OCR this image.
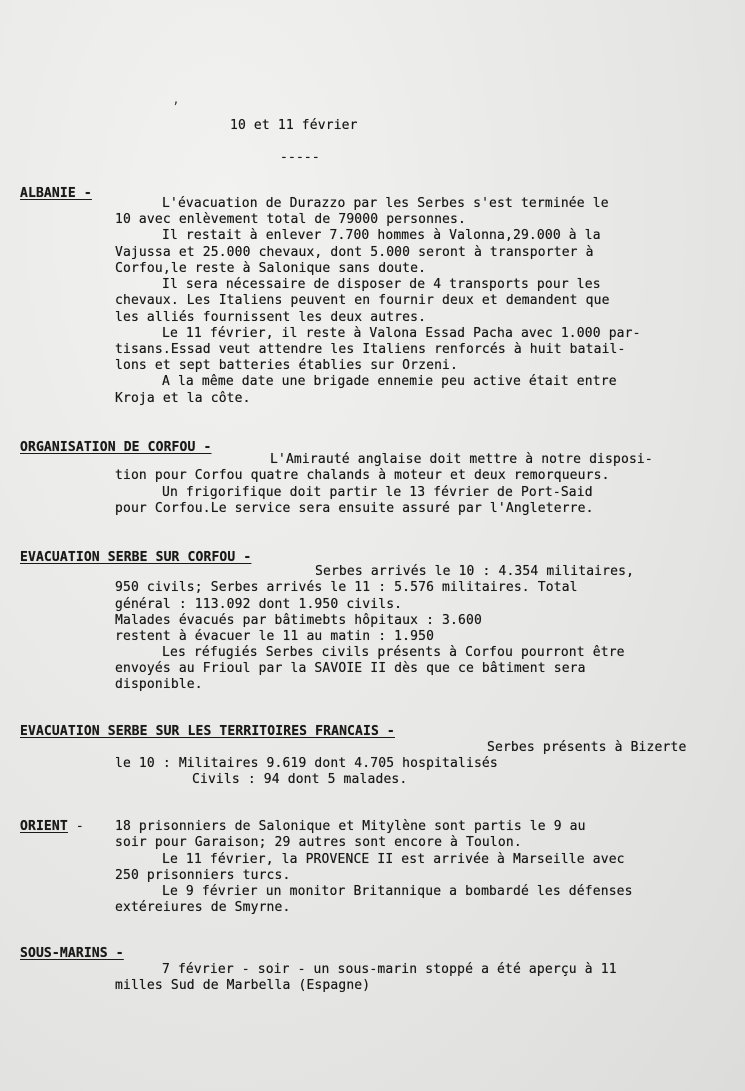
’
10 et 11 février
-----
ALBANIE -
L'évacuation de Durazzo par les Serbes s'est terminée le
10 avec enlèvement total de 79000 personnes.
Il restait à enlever 7.700 hommes à Valonna,29.000 à la
Vajussa et 25.000 chevaux, dont 5.000 seront à transporter à
Corfou,le reste à Salonique sans doute.
Il sera nécessaire de disposer de 4 transports pour les
chevaux. Les Italiens peuvent en fournir deux et demandent que
les alliés fournissent les deux autres.
Le 11 février, il reste à Valona Essad Pacha avec 1.000 par-
tisans.Essad veut attendre les Italiens renforcés à huit batail-
lons et sept batteries établies sur Orzeni.
A la même date une brigade ennemie peu active était entre
Kroja et la côte.
ORGANISATION DE CORFOU -
L'Amirauté anglaise doit mettre à notre disposi-
tion pour Corfou quatre chalands à moteur et deux remorqueurs.
Un frigorifique doit partir le 13 février de Port-Said
pour Corfou.Le service sera ensuite assuré par l'Angleterre.
EVACUATION SERBE SUR CORFOU -
Serbes arrivés le 10 : 4.354 militaires,
950 civils; Serbes arrivés le 11 : 5.576 militaires. Total
général : 113.092 dont 1.950 civils.
Malades évacués par bâtimebts hôpitaux : 3.600
restent à évacuer le 11 au matin : 1.950
Les réfugiés Serbes civils présents à Corfou pourront être
envoyés au Frioul par la SAVOIE II dès que ce bâtiment sera
disponible.
EVACUATION SERBE SUR LES TERRITOIRES FRANCAIS -
Serbes présents à Bizerte
le 10 : Militaires 9.619 dont 4.705 hospitalisés
Civils : 94 dont 5 malades.
ORIENT - 18 prisonniers de Salonique et Mitylène sont partis le 9 au
soir pour Garaison; 29 autres sont encore à Toulon.
Le 11 février, la PROVENCE II est arrivée à Marseille avec
250 prisonniers turcs.
Le 9 février un monitor Britannique a bombardé les défenses
extéreiures de Smyrne.
SOUS-MARINS -
7 février - soir - un sous-marin stoppé a été aperçu à 11
milles Sud de Marbella (Espagne)
